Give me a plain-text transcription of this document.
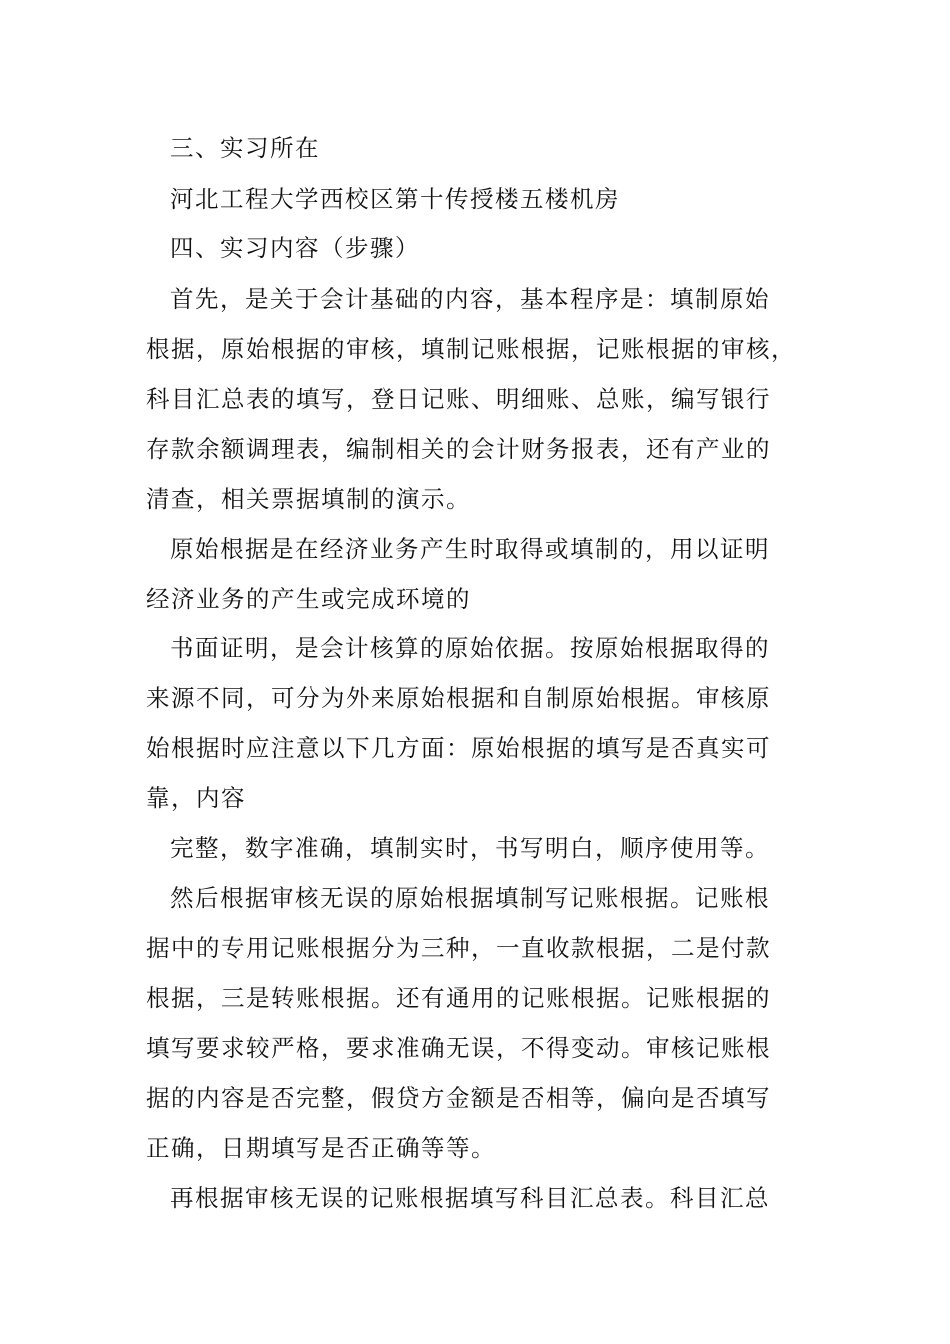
三、实习所在
河北工程大学西校区第十传授楼五楼机房
四、实习内容（步骤）
首先，是关于会计基础的内容，基本程序是：填制原始
根据，原始根据的审核，填制记账根据，记账根据的审核，
科目汇总表的填写，登日记账、明细账、总账，编写银行
存款余额调理表，编制相关的会计财务报表，还有产业的
清查，相关票据填制的演示。
原始根据是在经济业务产生时取得或填制的，用以证明
经济业务的产生或完成环境的
书面证明，是会计核算的原始依据。按原始根据取得的
来源不同，可分为外来原始根据和自制原始根据。审核原
始根据时应注意以下几方面：原始根据的填写是否真实可
靠，内容
完整，数字准确，填制实时，书写明白，顺序使用等。
然后根据审核无误的原始根据填制写记账根据。记账根
据中的专用记账根据分为三种，一直收款根据，二是付款
根据，三是转账根据。还有通用的记账根据。记账根据的
填写要求较严格，要求准确无误，不得变动。审核记账根
据的内容是否完整，假贷方金额是否相等，偏向是否填写
正确，日期填写是否正确等等。
再根据审核无误的记账根据填写科目汇总表。科目汇总
